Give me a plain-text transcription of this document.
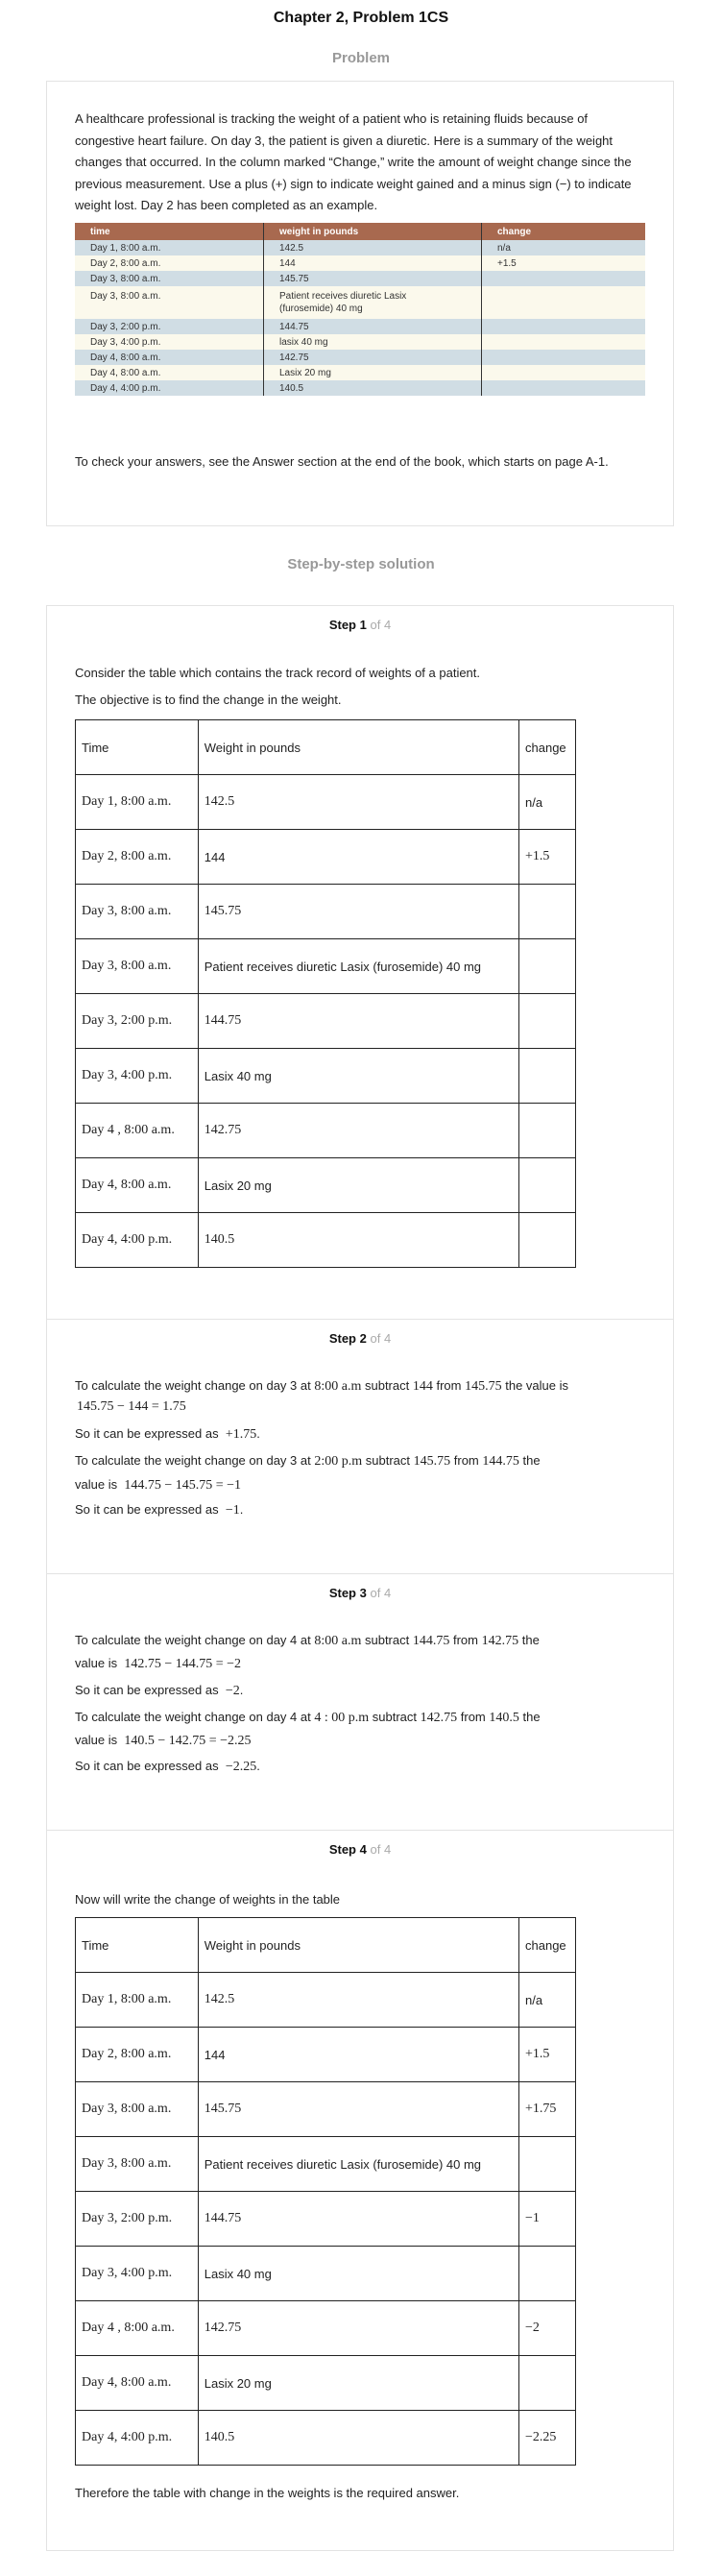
Chapter 2, Problem 1CS
Problem

A healthcare professional is tracking the weight of a patient who is retaining fluids because of congestive heart failure. On day 3, the patient is given a diuretic. Here is a summary of the weight changes that occurred. In the column marked “Change,” write the amount of weight change since the previous measurement. Use a plus (+) sign to indicate weight gained and a minus sign (−) to indicate weight lost. Day 2 has been completed as an example.

time	weight in pounds	change
Day 1, 8:00 a.m.	142.5	n/a
Day 2, 8:00 a.m.	144	+1.5
Day 3, 8:00 a.m.	145.75	
Day 3, 8:00 a.m.	Patient receives diuretic Lasix (furosemide) 40 mg	
Day 3, 2:00 p.m.	144.75	
Day 3, 4:00 p.m.	lasix 40 mg	
Day 4, 8:00 a.m.	142.75	
Day 4, 8:00 a.m.	Lasix 20 mg	
Day 4, 4:00 p.m.	140.5	

To check your answers, see the Answer section at the end of the book, which starts on page A-1.

Step-by-step solution
Step 1 of 4

Consider the table which contains the track record of weights of a patient.

The objective is to find the change in the weight.

Time	Weight in pounds	change
Day 1, 8:00 a.m.	142.5	n/a
Day 2, 8:00 a.m.	144	+1.5
Day 3, 8:00 a.m.	145.75	
Day 3, 8:00 a.m.	Patient receives diuretic Lasix (furosemide) 40 mg	
Day 3, 2:00 p.m.	144.75	
Day 3, 4:00 p.m.	Lasix 40 mg	
Day 4 , 8:00 a.m.	142.75	
Day 4, 8:00 a.m.	Lasix 20 mg	
Day 4, 4:00 p.m.	140.5	
Step 2 of 4
To calculate the weight change on day 3 at 8:00 a.m subtract 144 from 145.75 the value is
145.75 − 144 = 1.75
So it can be expressed as +1.75.
To calculate the weight change on day 3 at 2:00 p.m subtract 145.75 from 144.75 the
value is 144.75 − 145.75 = −1
So it can be expressed as −1.
Step 3 of 4
To calculate the weight change on day 4 at 8:00 a.m subtract 144.75 from 142.75 the
value is 142.75 − 144.75 = −2
So it can be expressed as −2.
To calculate the weight change on day 4 at 4 : 00 p.m subtract 142.75 from 140.5 the
value is 140.5 − 142.75 = −2.25
So it can be expressed as −2.25.
Step 4 of 4

Now will write the change of weights in the table

Time	Weight in pounds	change
Day 1, 8:00 a.m.	142.5	n/a
Day 2, 8:00 a.m.	144	+1.5
Day 3, 8:00 a.m.	145.75	+1.75
Day 3, 8:00 a.m.	Patient receives diuretic Lasix (furosemide) 40 mg	
Day 3, 2:00 p.m.	144.75	−1
Day 3, 4:00 p.m.	Lasix 40 mg	
Day 4 , 8:00 a.m.	142.75	−2
Day 4, 8:00 a.m.	Lasix 20 mg	
Day 4, 4:00 p.m.	140.5	−2.25

Therefore the table with change in the weights is the required answer.
